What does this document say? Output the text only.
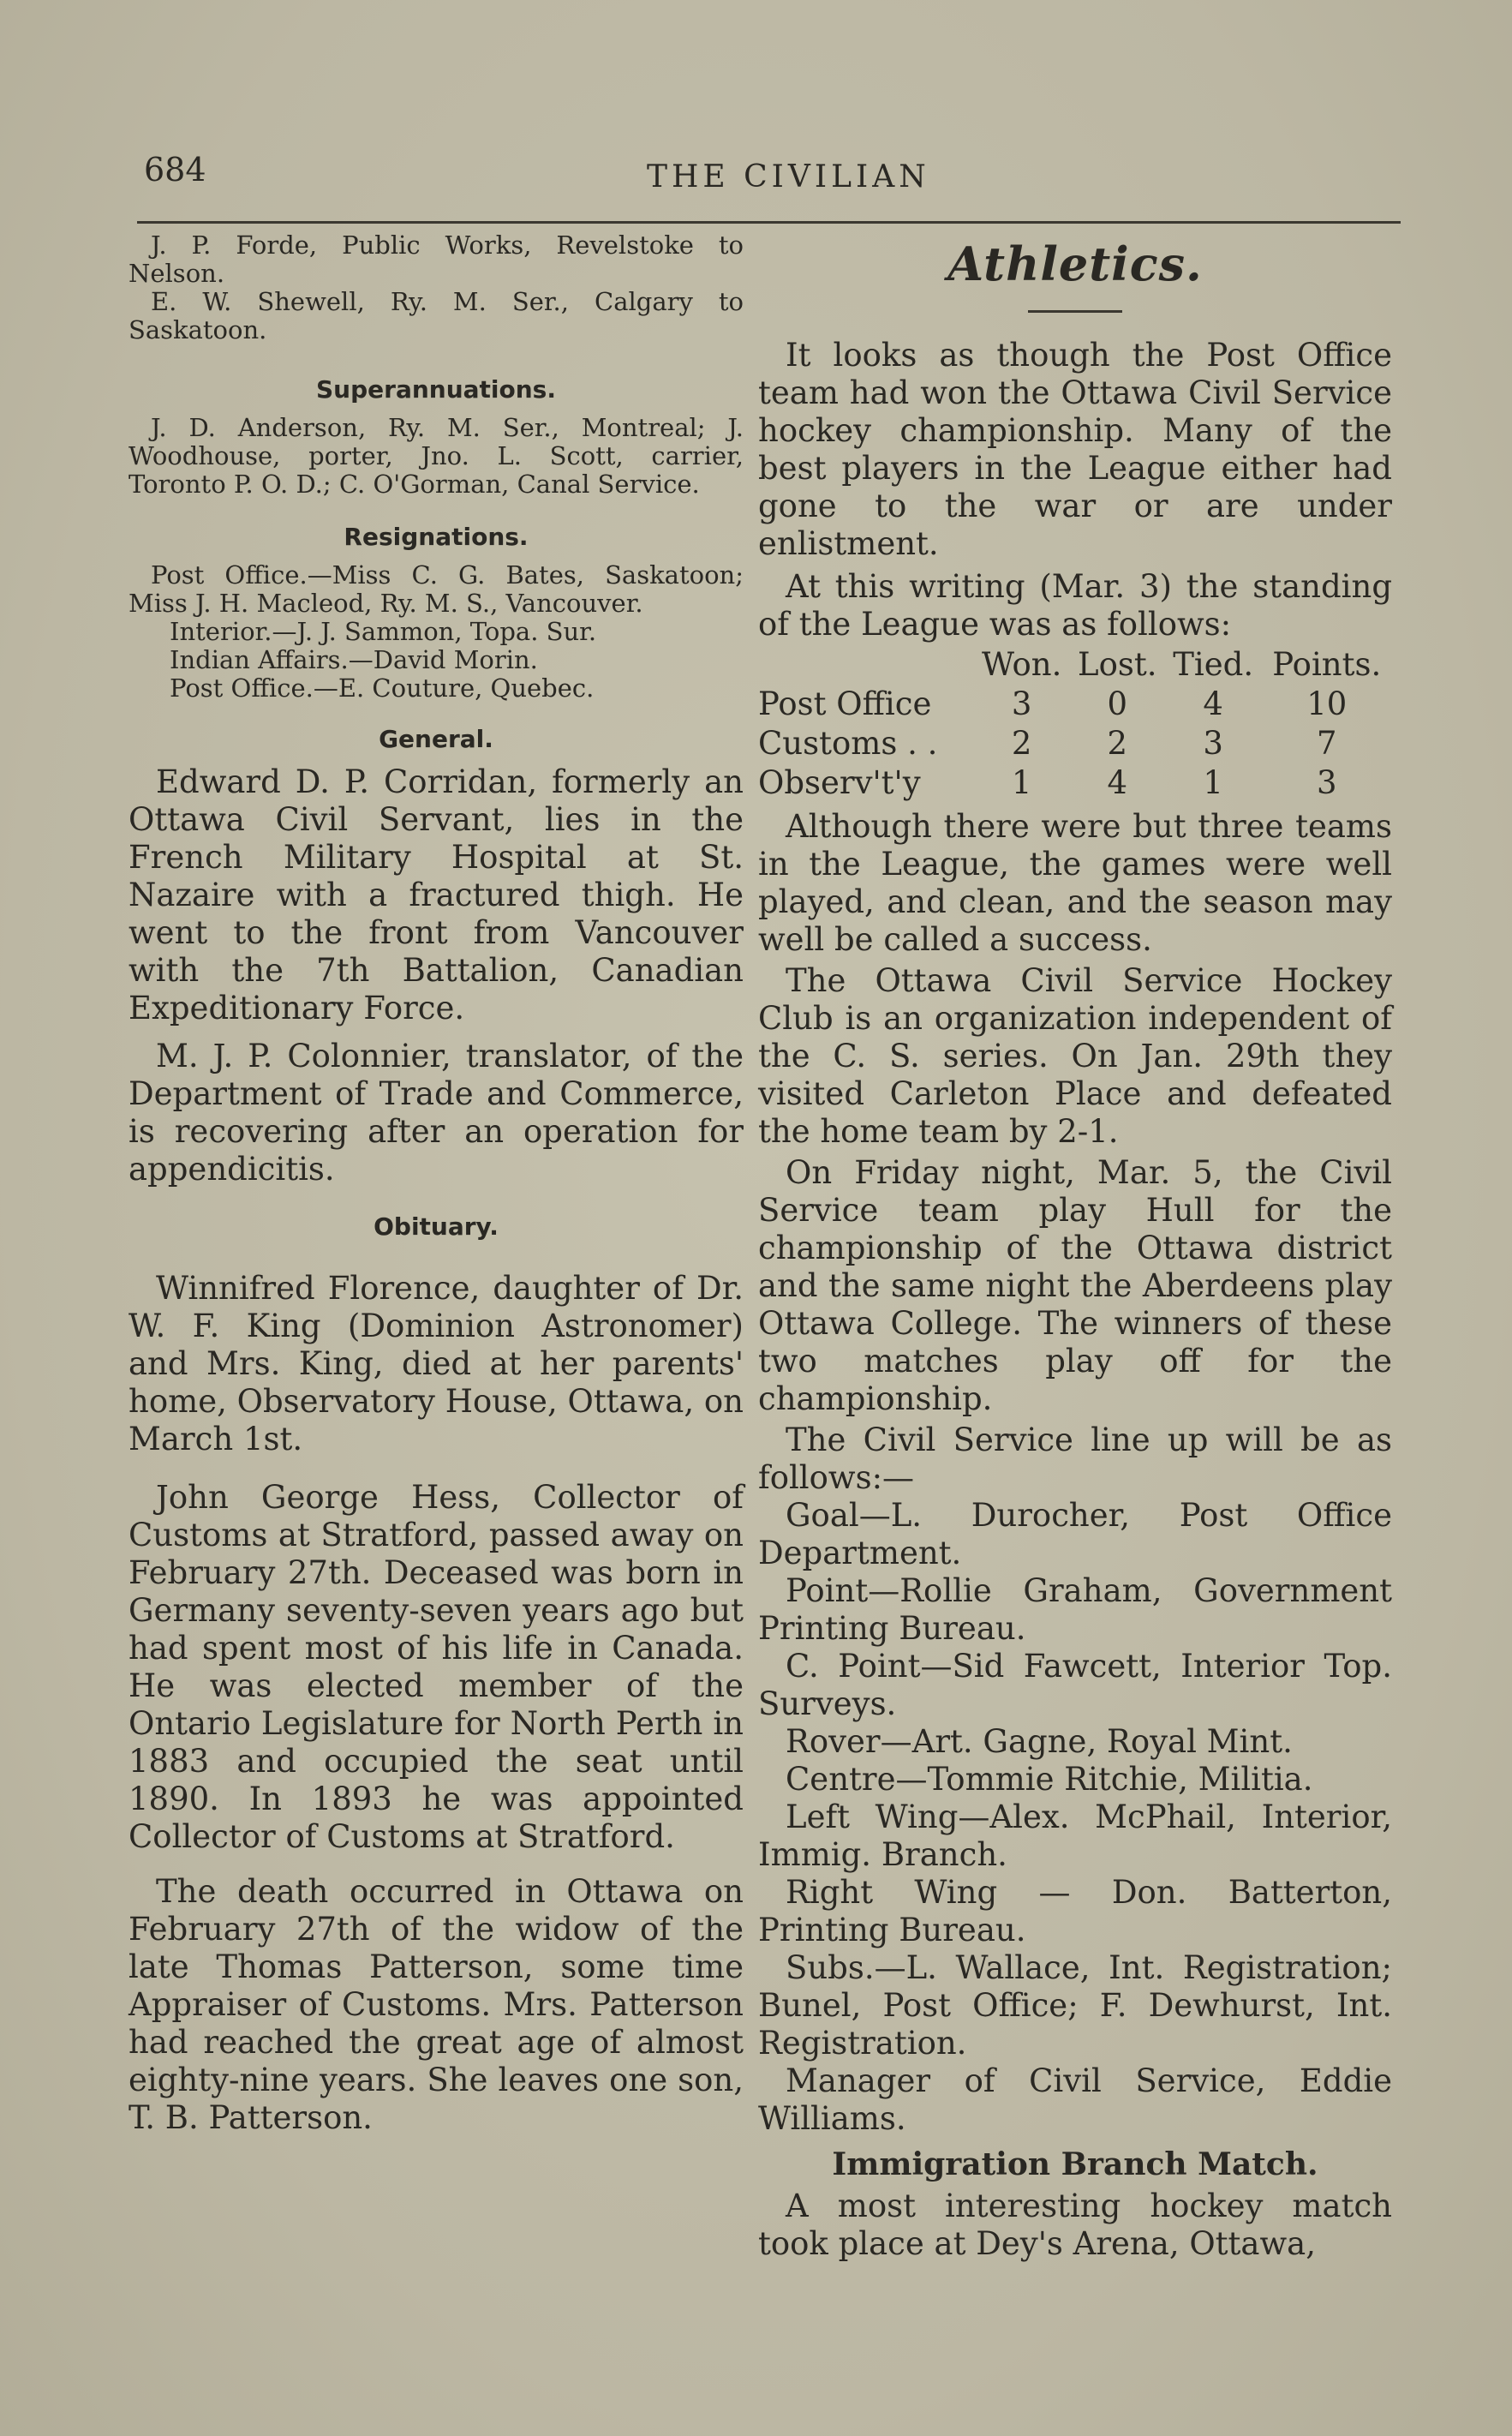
684	THE CIVILIAN

J. P. Forde, Public Works, Revelstoke to Nelson.

E. W. Shewell, Ry. M. Ser., Calgary to Saskatoon.

Superannuations.

J. D. Anderson, Ry. M. Ser., Montreal; J. Woodhouse, porter, Jno. L. Scott, carrier, Toronto P. O. D.; C. O'Gorman, Canal Service.

Resignations.

Post Office.—Miss C. G. Bates, Saskatoon; Miss J. H. Macleod, Ry. M. S., Vancouver.

Interior.—J. J. Sammon, Topa. Sur.

Indian Affairs.—David Morin.

Post Office.—E. Couture, Quebec.

General.

Edward D. P. Corridan, formerly an Ottawa Civil Servant, lies in the French Military Hospital at St. Nazaire with a fractured thigh. He went to the front from Vancouver with the 7th Battalion, Canadian Expeditionary Force.

M. J. P. Colonnier, translator, of the Department of Trade and Commerce, is recovering after an operation for appendicitis.

Obituary.

Winnifred Florence, daughter of Dr. W. F. King (Dominion Astronomer) and Mrs. King, died at her parents' home, Observatory House, Ottawa, on March 1st.

John George Hess, Collector of Customs at Stratford, passed away on February 27th. Deceased was born in Germany seventy-seven years ago but had spent most of his life in Canada. He was elected member of the Ontario Legislature for North Perth in 1883 and occupied the seat until 1890. In 1893 he was appointed Collector of Customs at Stratford.

The death occurred in Ottawa on February 27th of the widow of the late Thomas Patterson, some time Appraiser of Customs. Mrs. Patterson had reached the great age of almost eighty-nine years. She leaves one son, T. B. Patterson.

Athletics.

It looks as though the Post Office team had won the Ottawa Civil Service hockey championship. Many of the best players in the League either had gone to the war or are under enlistment.

At this writing (Mar. 3) the standing of the League was as follows:

	Won.	Lost.	Tied.	Points.
Post Office	3	0	4	10
Customs . .	2	2	3	7
Observ't'y	1	4	1	3

Although there were but three teams in the League, the games were well played, and clean, and the season may well be called a success.

The Ottawa Civil Service Hockey Club is an organization independent of the C. S. series. On Jan. 29th they visited Carleton Place and defeated the home team by 2-1.

On Friday night, Mar. 5, the Civil Service team play Hull for the championship of the Ottawa district and the same night the Aberdeens play Ottawa College. The winners of these two matches play off for the championship.

The Civil Service line up will be as follows:—

Goal—L. Durocher, Post Office Department.

Point—Rollie Graham, Government Printing Bureau.

C. Point—Sid Fawcett, Interior Top. Surveys.

Rover—Art. Gagne, Royal Mint.

Centre—Tommie Ritchie, Militia.

Left Wing—Alex. McPhail, Interior, Immig. Branch.

Right Wing — Don. Batterton, Printing Bureau.

Subs.—L. Wallace, Int. Registration; Bunel, Post Office; F. Dewhurst, Int. Registration.

Manager of Civil Service, Eddie Williams.

Immigration Branch Match.

A most interesting hockey match took place at Dey's Arena, Ottawa,
